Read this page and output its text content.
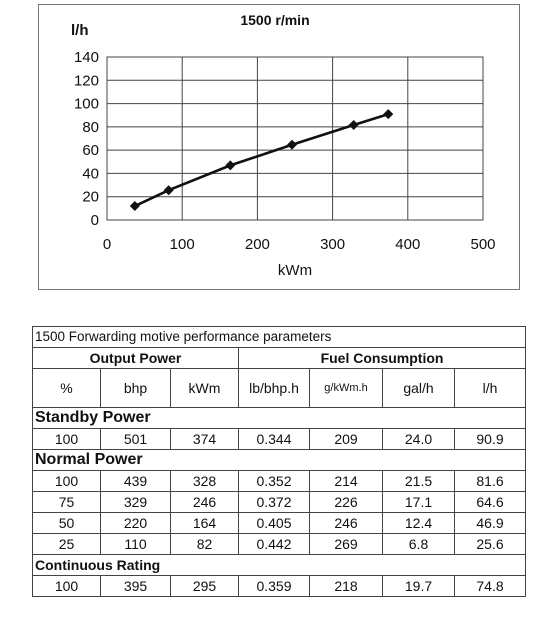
0
20
40
60
80
100
120
140
0	100	200	300	400	500
1500 r/min
l/h
kWm
1500 Forwarding motive performance parameters						
Output Power			Fuel Consumption			
%	bhp	kWm	lb/bhp.h	g/kWm.h	gal/h	l/h
Standby Power						
100	501	374	0.344	209	24.0	90.9
Normal Power						
100	439	328	0.352	214	21.5	81.6
75	329	246	0.372	226	17.1	64.6
50	220	164	0.405	246	12.4	46.9
25	110	82	0.442	269	6.8	25.6
Continuous Rating						
100	395	295	0.359	218	19.7	74.8
